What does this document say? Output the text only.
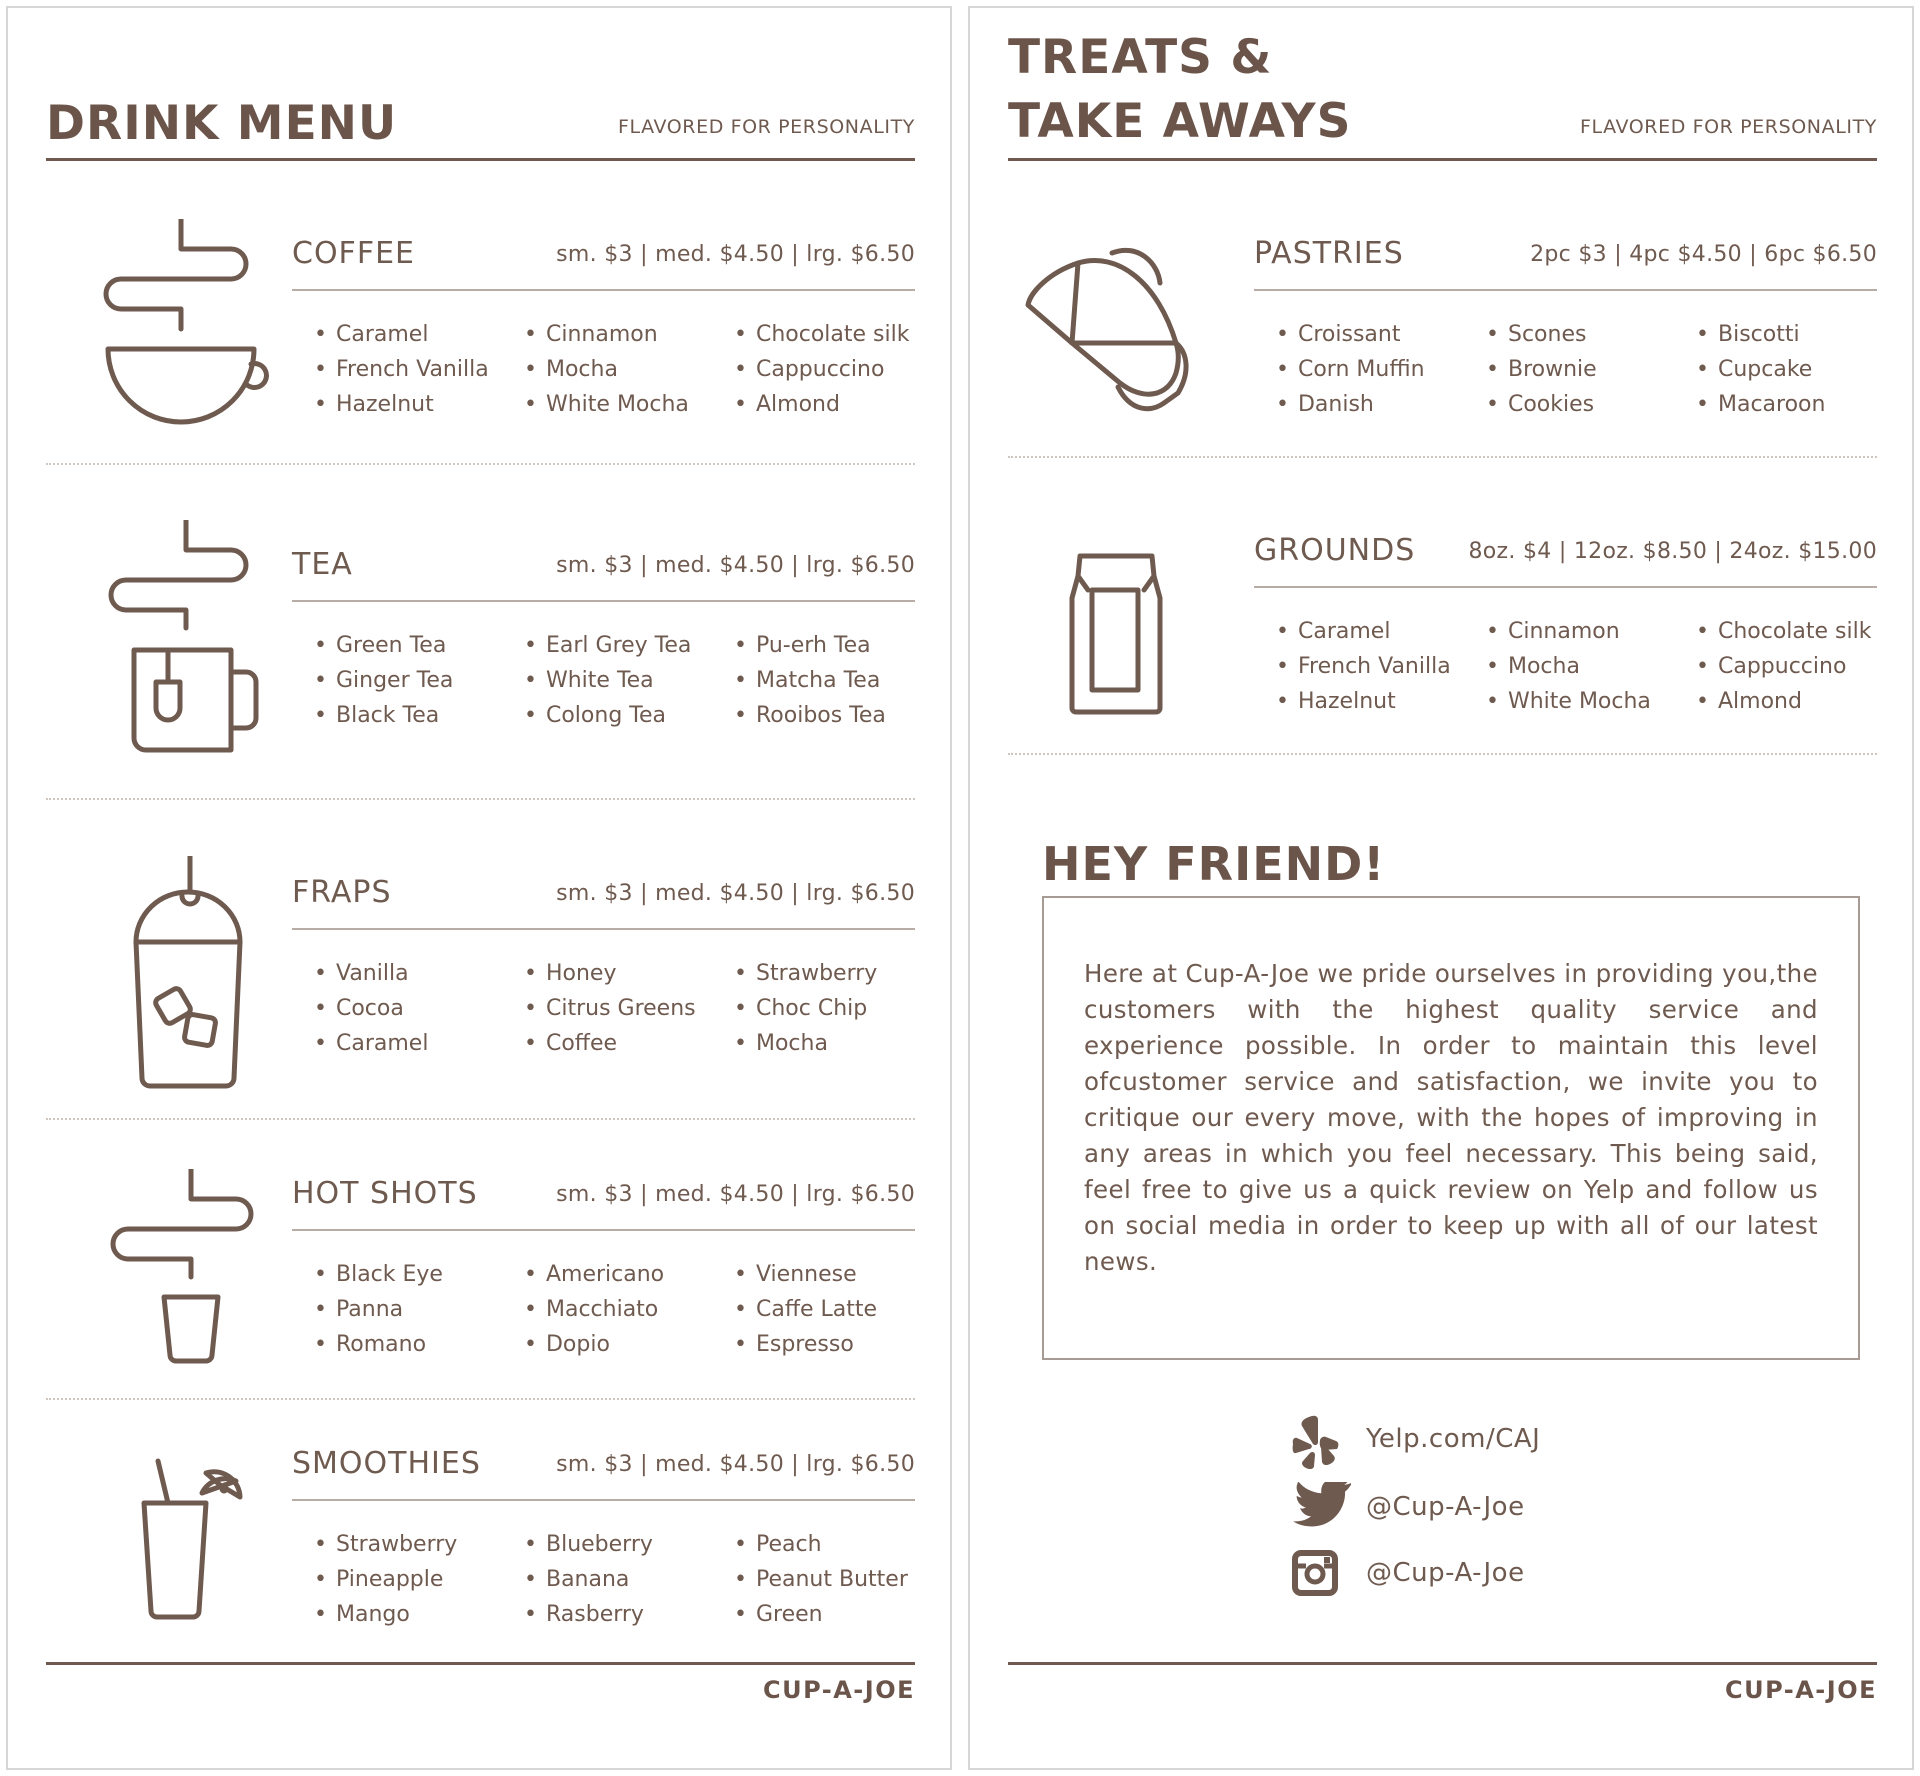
DRINK MENU	FLAVORED FOR PERSONALITY
COFFEE	sm. $3 | med. $4.50 | lrg. $6.50
• Caramel	• Cinnamon	• Chocolate silk
• French Vanilla	• Mocha	• Cappuccino
• Hazelnut	• White Mocha	• Almond
TEA	sm. $3 | med. $4.50 | lrg. $6.50
• Green Tea	• Earl Grey Tea	• Pu-erh Tea
• Ginger Tea	• White Tea	• Matcha Tea
• Black Tea	• Colong Tea	• Rooibos Tea
FRAPS	sm. $3 | med. $4.50 | lrg. $6.50
• Vanilla	• Honey	• Strawberry
• Cocoa	• Citrus Greens	• Choc Chip
• Caramel	• Coffee	• Mocha
HOT SHOTS	sm. $3 | med. $4.50 | lrg. $6.50
• Black Eye	• Americano	• Viennese
• Panna	• Macchiato	• Caffe Latte
• Romano	• Dopio	• Espresso
SMOOTHIES	sm. $3 | med. $4.50 | lrg. $6.50
• Strawberry	• Blueberry	• Peach
• Pineapple	• Banana	• Peanut Butter
• Mango	• Rasberry	• Green
CUP-A-JOE
TREATS &
TAKE AWAYS	FLAVORED FOR PERSONALITY
PASTRIES	2pc $3 | 4pc $4.50 | 6pc $6.50
• Croissant	• Scones	• Biscotti
• Corn Muffin	• Brownie	• Cupcake
• Danish	• Cookies	• Macaroon
GROUNDS 8oz. $4 | 12oz. $8.50 | 24oz. $15.00
• Caramel	• Cinnamon	• Chocolate silk
• French Vanilla	• Mocha	• Cappuccino
• Hazelnut	• White Mocha	• Almond
HEY FRIEND!
Here at Cup-A-Joe we pride ourselves in providing you,the customers with the highest quality service and experience possible. In order to maintain this level ofcustomer service and satisfaction, we invite you to critique our every move, with the hopes of improving in any areas in which you feel necessary. This being said, feel free to give us a quick review on Yelp and follow us on social media in order to keep up with all of our latest news.
Yelp.com/CAJ
@Cup-A-Joe
@Cup-A-Joe
CUP-A-JOE
